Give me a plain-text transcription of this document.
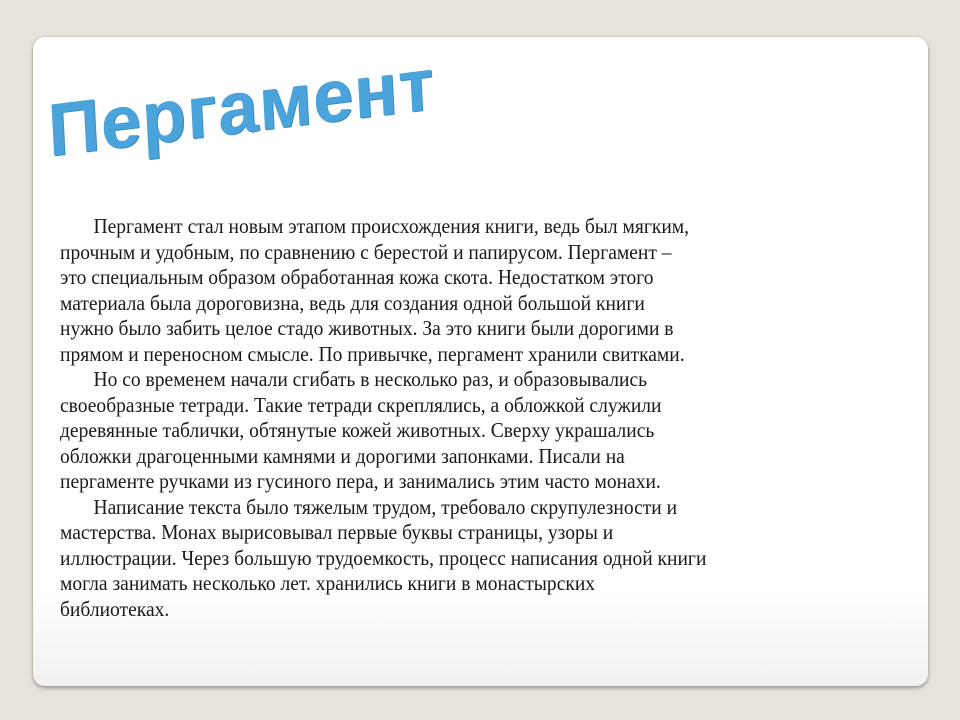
Пергамент
Пергамент стал новым этапом происхождения книги, ведь был мягким,
прочным и удобным, по сравнению с берестой и папирусом. Пергамент –
это специальным образом обработанная кожа скота. Недостатком этого
материала была дороговизна, ведь для создания одной большой книги
нужно было забить целое стадо животных. За это книги были дорогими в
прямом и переносном смысле. По привычке, пергамент хранили свитками.
Но со временем начали сгибать в несколько раз, и образовывались
своеобразные тетради. Такие тетради скреплялись, а обложкой служили
деревянные таблички, обтянутые кожей животных. Сверху украшались
обложки драгоценными камнями и дорогими запонками. Писали на
пергаменте ручками из гусиного пера, и занимались этим часто монахи.
Написание текста было тяжелым трудом, требовало скрупулезности и
мастерства. Монах вырисовывал первые буквы страницы, узоры и
иллюстрации. Через большую трудоемкость, процесс написания одной книги
могла занимать несколько лет. хранились книги в монастырских
библиотеках.
